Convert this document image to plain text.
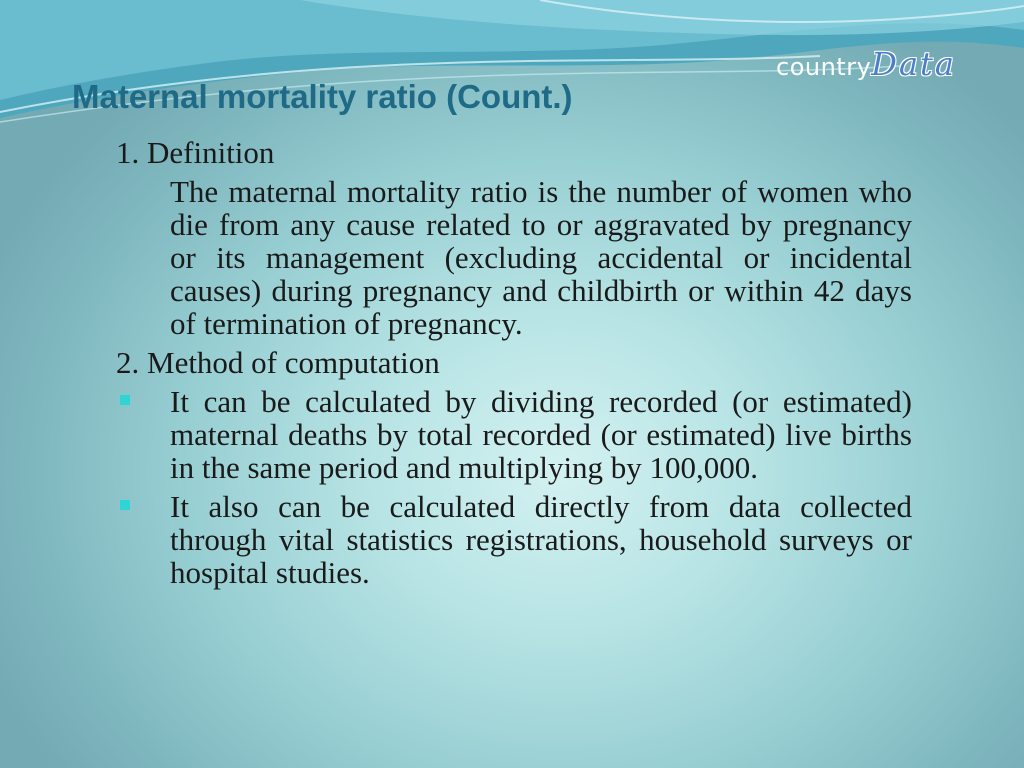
countryData
Maternal mortality ratio (Count.)
1. Definition
The maternal mortality ratio is the number of women who die from any cause related to or aggravated by pregnancy or its management (excluding accidental or incidental causes) during pregnancy and childbirth or within 42 days of termination of pregnancy.
2. Method of computation
It can be calculated by dividing recorded (or estimated) maternal deaths by total recorded (or estimated) live births in the same period and multiplying by 100,000.
It also can be calculated directly from data collected through vital statistics registrations, household surveys or hospital studies.
